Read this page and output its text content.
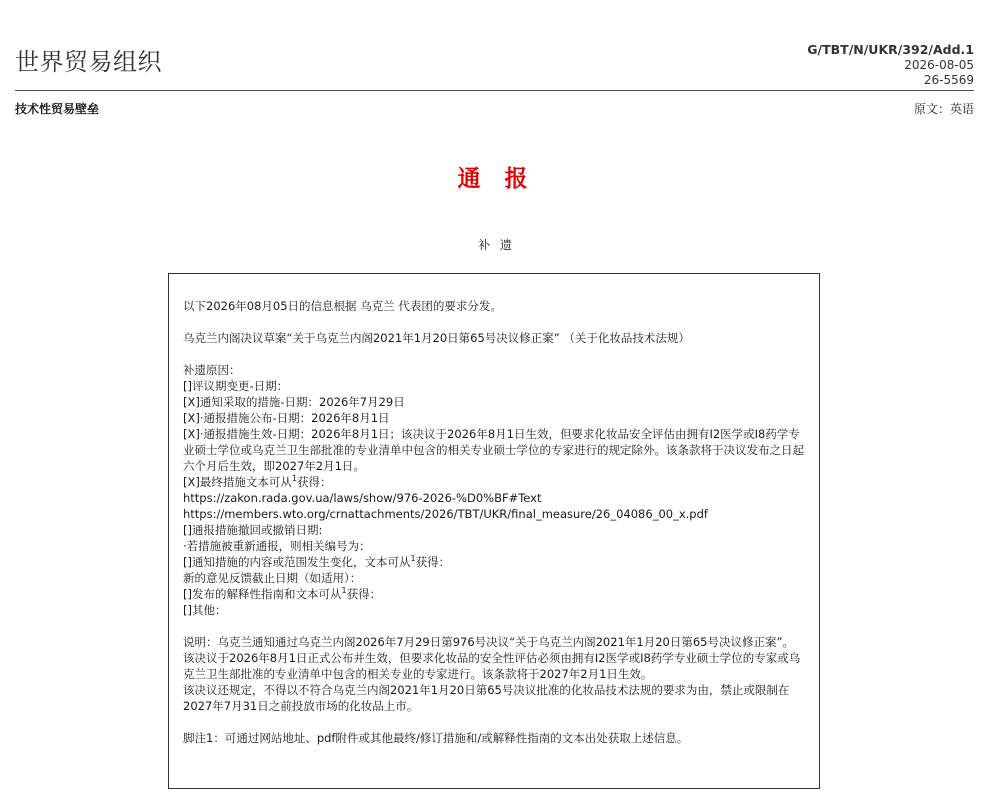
世界贸易组织	G/TBT/N/UKR/392/Add.1
2026-08-05
26-5569
技术性贸易壁垒	原文：英语
通 报
补 遗

以下2026年08月05日的信息根据 乌克兰 代表团的要求分发。

乌克兰内阁决议草案“关于乌克兰内阁2021年1月20日第65号决议修正案” （关于化妆品技术法规）

补遗原因：

[]评议期变更-日期：

[X]通知采取的措施-日期：2026年7月29日

[X]·通报措施公布-日期：2026年8月1日

[X]·通报措施生效-日期：2026年8月1日；该决议于2026年8月1日生效，但要求化妆品安全评估由拥有I2医学或I8药学专业硕士学位或乌克兰卫生部批准的专业清单中包含的相关专业硕士学位的专家进行的规定除外。该条款将于决议发布之日起六个月后生效，即2027年2月1日。

[X]最终措施文本可从$^1$获得：

https://zakon.rada.gov.ua/laws/show/976-2026-%D0%BF#Text

https://members.wto.org/crnattachments/2026/TBT/UKR/final_measure/26_04086_00_x.pdf

[]通报措施撤回或撤销日期:

·若措施被重新通报，则相关编号为：

[]通知措施的内容或范围发生变化，文本可从$^1$获得：

新的意见反馈截止日期（如适用）：

[]发布的解释性指南和文本可从$^1$获得：

[]其他：

说明：乌克兰通知通过乌克兰内阁2026年7月29日第976号决议“关于乌克兰内阁2021年1月20日第65号决议修正案”。

该决议于2026年8月1日正式公布并生效，但要求化妆品的安全性评估必须由拥有I2医学或I8药学专业硕士学位的专家或乌克兰卫生部批准的专业清单中包含的相关专业的专家进行。该条款将于2027年2月1日生效。

该决议还规定，不得以不符合乌克兰内阁2021年1月20日第65号决议批准的化妆品技术法规的要求为由，禁止或限制在2027年7月31日之前投放市场的化妆品上市。

脚注1：可通过网站地址、pdf附件或其他最终/修订措施和/或解释性指南的文本出处获取上述信息。
